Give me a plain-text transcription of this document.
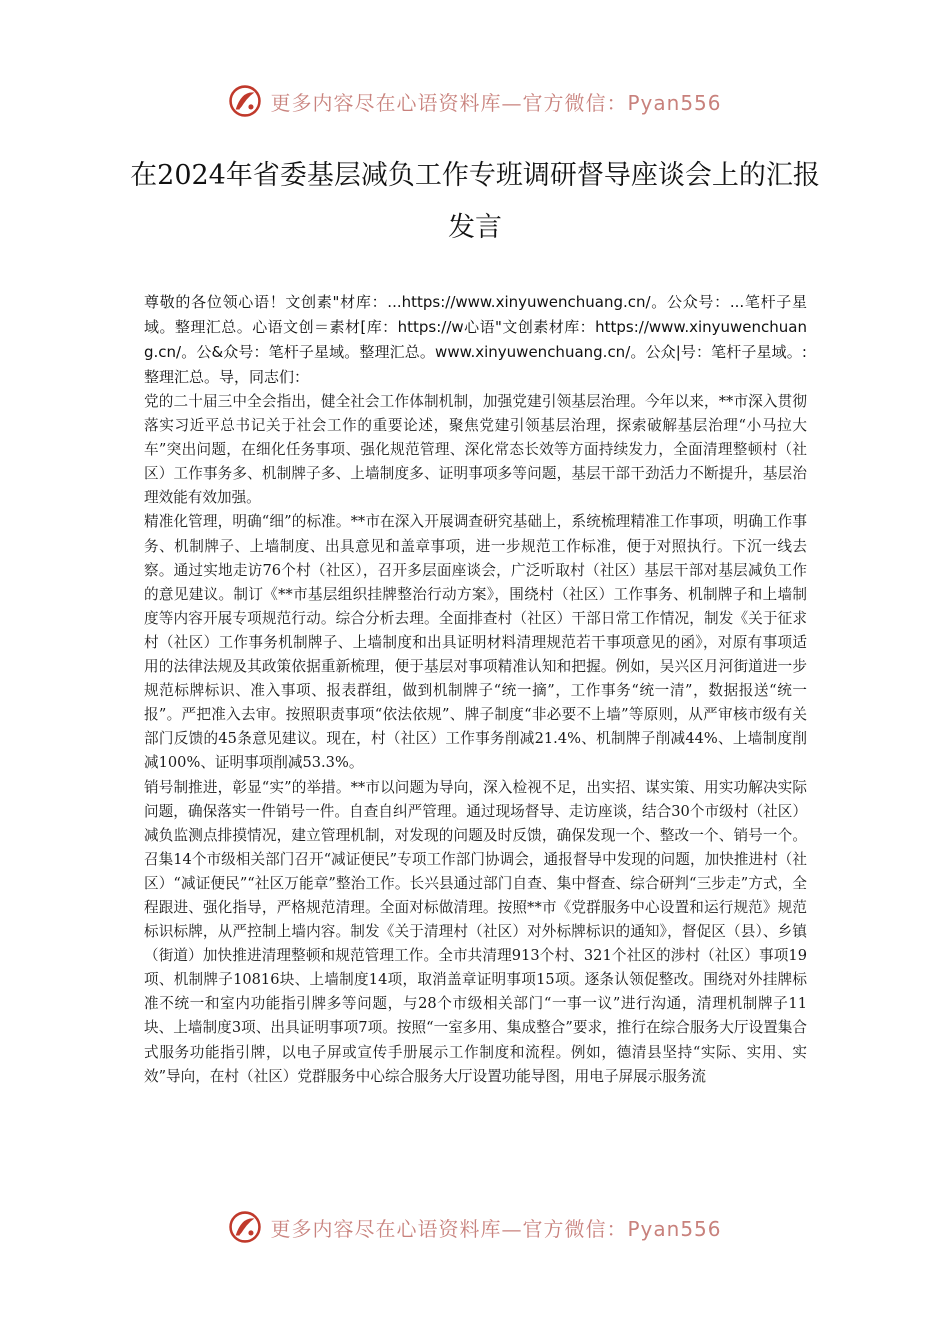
更多内容尽在心语资料库—官方微信：Pyan556
在2024年省委基层减负工作专班调研督导座谈会上的汇报发言

尊敬的各位领心语！文创素"材库：...https://www.xinyuwenchuang.cn/。公众号：...笔杆子星域。整理汇总。心语文创＝素材[库：https://w心语"文创素材库：https://www.xinyuwenchuang.cn/。公&众号：笔杆子星域。整理汇总。www.xinyuwenchuang.cn/。公众|号：笔杆子星域。:整理汇总。导，同志们：

党的二十届三中全会指出，健全社会工作体制机制，加强党建引领基层治理。今年以来，**市深入贯彻落实习近平总书记关于社会工作的重要论述，聚焦党建引领基层治理，探索破解基层治理“小马拉大车”突出问题，在细化任务事项、强化规范管理、深化常态长效等方面持续发力，全面清理整顿村（社区）工作事务多、机制牌子多、上墙制度多、证明事项多等问题，基层干部干劲活力不断提升，基层治理效能有效加强。

精准化管理，明确“细”的标准。**市在深入开展调查研究基础上，系统梳理精准工作事项，明确工作事务、机制牌子、上墙制度、出具意见和盖章事项，进一步规范工作标准，便于对照执行。下沉一线去察。通过实地走访76个村（社区），召开多层面座谈会，广泛听取村（社区）基层干部对基层减负工作的意见建议。制订《**市基层组织挂牌整治行动方案》，围绕村（社区）工作事务、机制牌子和上墙制度等内容开展专项规范行动。综合分析去理。全面排查村（社区）干部日常工作情况，制发《关于征求村（社区）工作事务机制牌子、上墙制度和出具证明材料清理规范若干事项意见的函》，对原有事项适用的法律法规及其政策依据重新梳理，便于基层对事项精准认知和把握。例如，吴兴区月河街道进一步规范标牌标识、准入事项、报表群组，做到机制牌子“统一摘”，工作事务“统一清”，数据报送“统一报”。严把准入去审。按照职责事项“依法依规”、牌子制度“非必要不上墙”等原则，从严审核市级有关部门反馈的45条意见建议。现在，村（社区）工作事务削减21.4%、机制牌子削减44%、上墙制度削减100%、证明事项削减53.3%。

销号制推进，彰显“实”的举措。**市以问题为导向，深入检视不足，出实招、谋实策、用实功解决实际问题，确保落实一件销号一件。自查自纠严管理。通过现场督导、走访座谈，结合30个市级村（社区）减负监测点排摸情况，建立管理机制，对发现的问题及时反馈，确保发现一个、整改一个、销号一个。召集14个市级相关部门召开“减证便民”专项工作部门协调会，通报督导中发现的问题，加快推进村（社区）“减证便民”“社区万能章”整治工作。长兴县通过部门自查、集中督查、综合研判“三步走”方式，全程跟进、强化指导，严格规范清理。全面对标做清理。按照**市《党群服务中心设置和运行规范》规范标识标牌，从严控制上墙内容。制发《关于清理村（社区）对外标牌标识的通知》，督促区（县）、乡镇（街道）加快推进清理整顿和规范管理工作。全市共清理913个村、321个社区的涉村（社区）事项19项、机制牌子10816块、上墙制度14项，取消盖章证明事项15项。逐条认领促整改。围绕对外挂牌标准不统一和室内功能指引牌多等问题，与28个市级相关部门“一事一议”进行沟通，清理机制牌子11块、上墙制度3项、出具证明事项7项。按照“一室多用、集成整合”要求，推行在综合服务大厅设置集合式服务功能指引牌，以电子屏或宣传手册展示工作制度和流程。例如，德清县坚持“实际、实用、实效”导向，在村（社区）党群服务中心综合服务大厅设置功能导图，用电子屏展示服务流

更多内容尽在心语资料库—官方微信：Pyan556
